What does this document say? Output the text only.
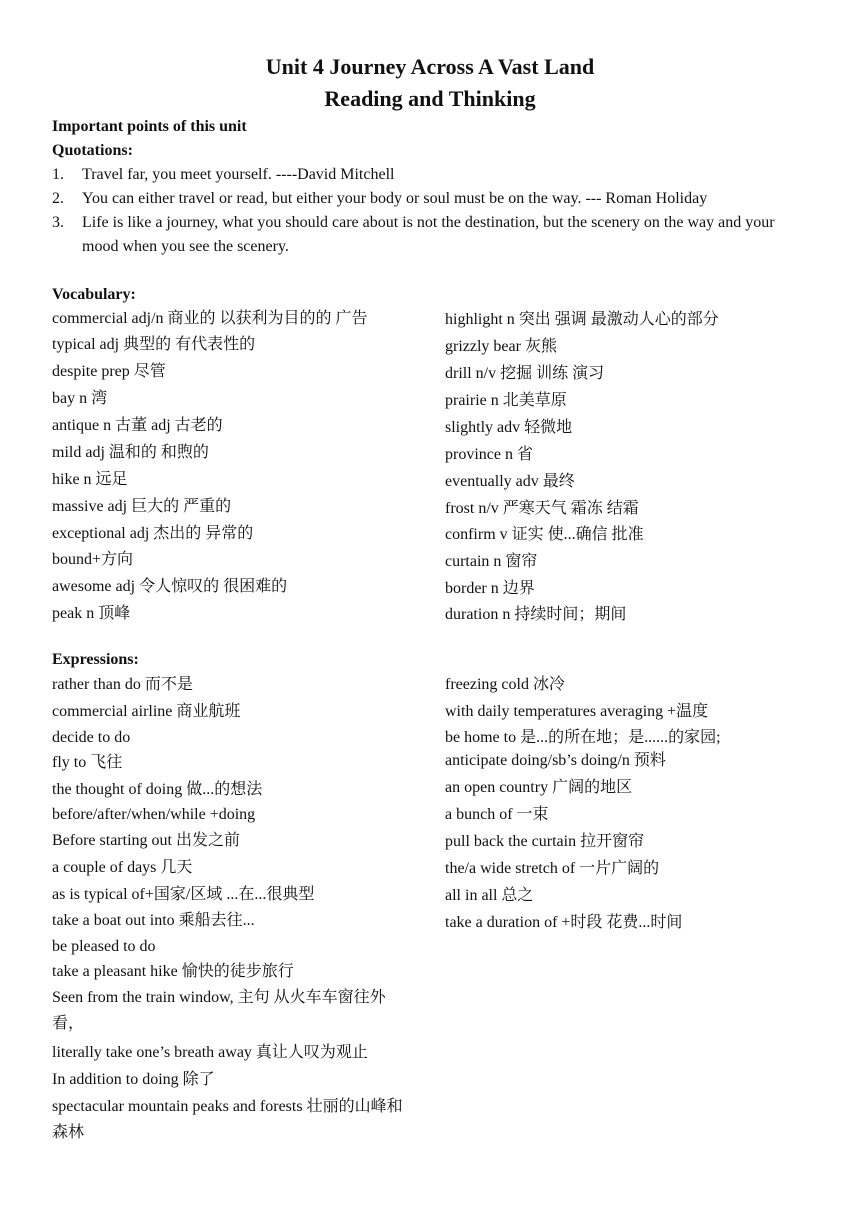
Unit 4 Journey Across A Vast Land
Reading and Thinking
Important points of this unit
Quotations:
1. Travel far, you meet yourself. ----David Mitchell
2. You can either travel or read, but either your body or soul must be on the way. --- Roman Holiday
3. Life is like a journey, what you should care about is not the destination, but the scenery on the way and your mood when you see the scenery.
Vocabulary:
commercial adj/n 商业的 以获利为目的的 广告
typical adj 典型的 有代表性的
despite prep 尽管
bay n 湾
antique n 古董 adj 古老的
mild adj 温和的 和煦的
hike n 远足
massive adj 巨大的 严重的
exceptional adj 杰出的 异常的
bound+方向
awesome adj 令人惊叹的 很困难的
peak n 顶峰
highlight n 突出 强调 最激动人心的部分
grizzly bear 灰熊
drill n/v 挖掘 训练 演习
prairie n 北美草原
slightly adv 轻微地
province n 省
eventually adv 最终
frost n/v 严寒天气 霜冻 结霜
confirm v 证实 使...确信 批准
curtain n 窗帘
border n 边界
duration n 持续时间；期间
Expressions:
rather than do 而不是
commercial airline 商业航班
decide to do
fly to 飞往
the thought of doing 做...的想法
before/after/when/while +doing
Before starting out 出发之前
a couple of days 几天
as is typical of+国家/区域 ...在...很典型
take a boat out into 乘船去往...
be pleased to do
take a pleasant hike 愉快的徒步旅行
Seen from the train window, 主句 从火车车窗往外看，
literally take one’s breath away 真让人叹为观止
In addition to doing 除了
spectacular mountain peaks and forests 壮丽的山峰和森林
freezing cold 冰冷
with daily temperatures averaging +温度
be home to 是...的所在地；是......的家园;
anticipate doing/sb’s doing/n 预料
an open country 广阔的地区
a bunch of 一束
pull back the curtain 拉开窗帘
the/a wide stretch of 一片广阔的
all in all 总之
take a duration of +时段 花费...时间
